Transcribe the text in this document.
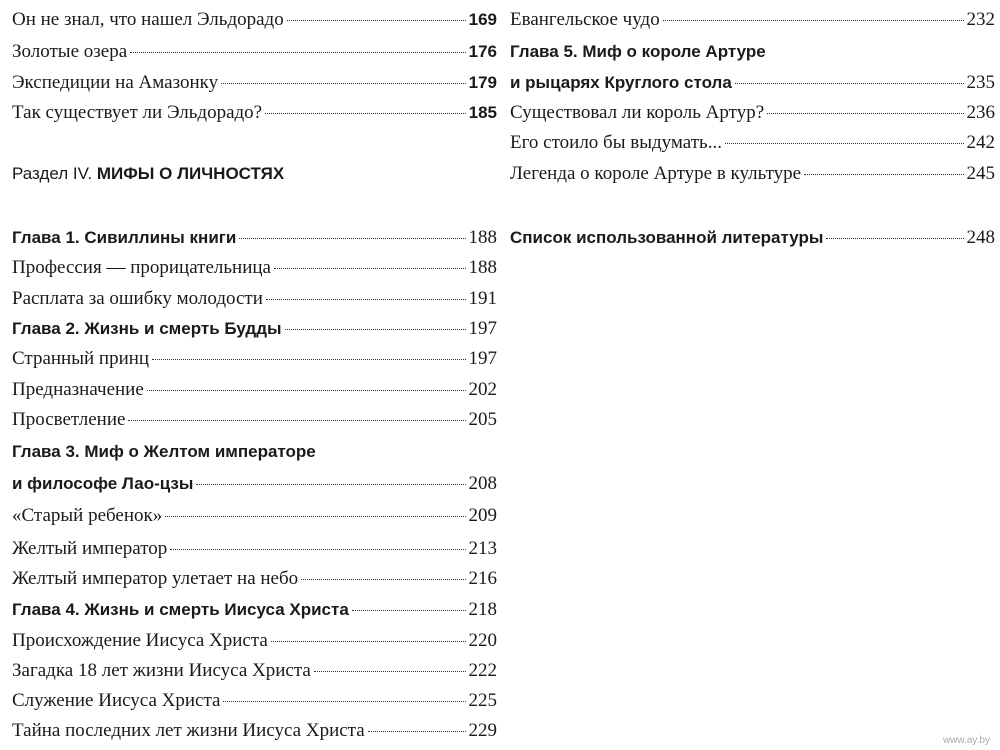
Он не знал, что нашел Эльдорадо	169
Золотые озера	176
Экспедиции на Амазонку	179
Так существует ли Эльдорадо?	185
Раздел IV. МИФЫ О ЛИЧНОСТЯХ
Глава 1. Сивиллины книги	188
Профессия — прорицательница	188
Расплата за ошибку молодости	191
Глава 2. Жизнь и смерть Будды	197
Странный принц	197
Предназначение	202
Просветление	205
Глава 3. Миф о Желтом императоре
и философе Лао-цзы	208
«Старый ребенок»	209
Желтый император	213
Желтый император улетает на небо	216
Глава 4. Жизнь и смерть Иисуса Христа	218
Происхождение Иисуса Христа	220
Загадка 18 лет жизни Иисуса Христа	222
Служение Иисуса Христа	225
Тайна последних лет жизни Иисуса Христа	229
Евангельское чудо	232
Глава 5. Миф о короле Артуре
и рыцарях Круглого стола	235
Существовал ли король Артур?	236
Его стоило бы выдумать...	242
Легенда о короле Артуре в культуре	245
Список использованной литературы	248
www.ay.by
